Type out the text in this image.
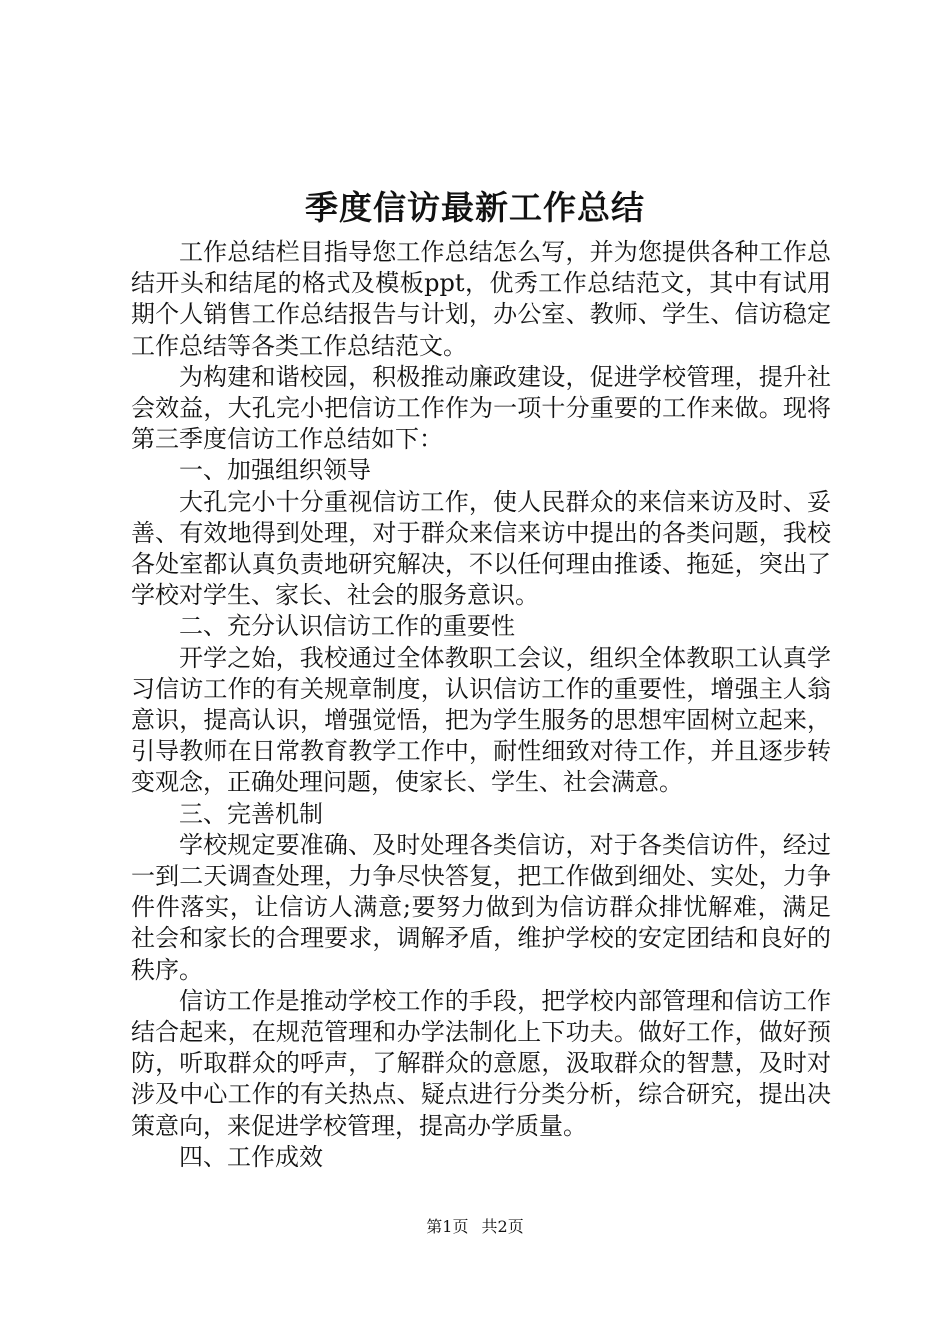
季度信访最新工作总结

工作总结栏目指导您工作总结怎么写，并为您提供各种工作总结开头和结尾的格式及模板ppt，优秀工作总结范文，其中有试用期个人销售工作总结报告与计划，办公室、教师、学生、信访稳定工作总结等各类工作总结范文。

为构建和谐校园，积极推动廉政建设，促进学校管理，提升社会效益，大孔完小把信访工作作为一项十分重要的工作来做。现将第三季度信访工作总结如下：

一、加强组织领导

大孔完小十分重视信访工作，使人民群众的来信来访及时、妥善、有效地得到处理，对于群众来信来访中提出的各类问题，我校各处室都认真负责地研究解决，不以任何理由推诿、拖延，突出了学校对学生、家长、社会的服务意识。

二、充分认识信访工作的重要性

开学之始，我校通过全体教职工会议，组织全体教职工认真学习信访工作的有关规章制度，认识信访工作的重要性，增强主人翁意识，提高认识，增强觉悟，把为学生服务的思想牢固树立起来，引导教师在日常教育教学工作中，耐性细致对待工作，并且逐步转变观念，正确处理问题，使家长、学生、社会满意。

三、完善机制

学校规定要准确、及时处理各类信访，对于各类信访件，经过一到二天调查处理，力争尽快答复，把工作做到细处、实处，力争件件落实，让信访人满意;要努力做到为信访群众排忧解难，满足社会和家长的合理要求，调解矛盾，维护学校的安定团结和良好的秩序。

信访工作是推动学校工作的手段，把学校内部管理和信访工作结合起来，在规范管理和办学法制化上下功夫。做好工作，做好预防，听取群众的呼声，了解群众的意愿，汲取群众的智慧，及时对涉及中心工作的有关热点、疑点进行分类分析，综合研究，提出决策意向，来促进学校管理，提高办学质量。

四、工作成效

第1页 共2页
